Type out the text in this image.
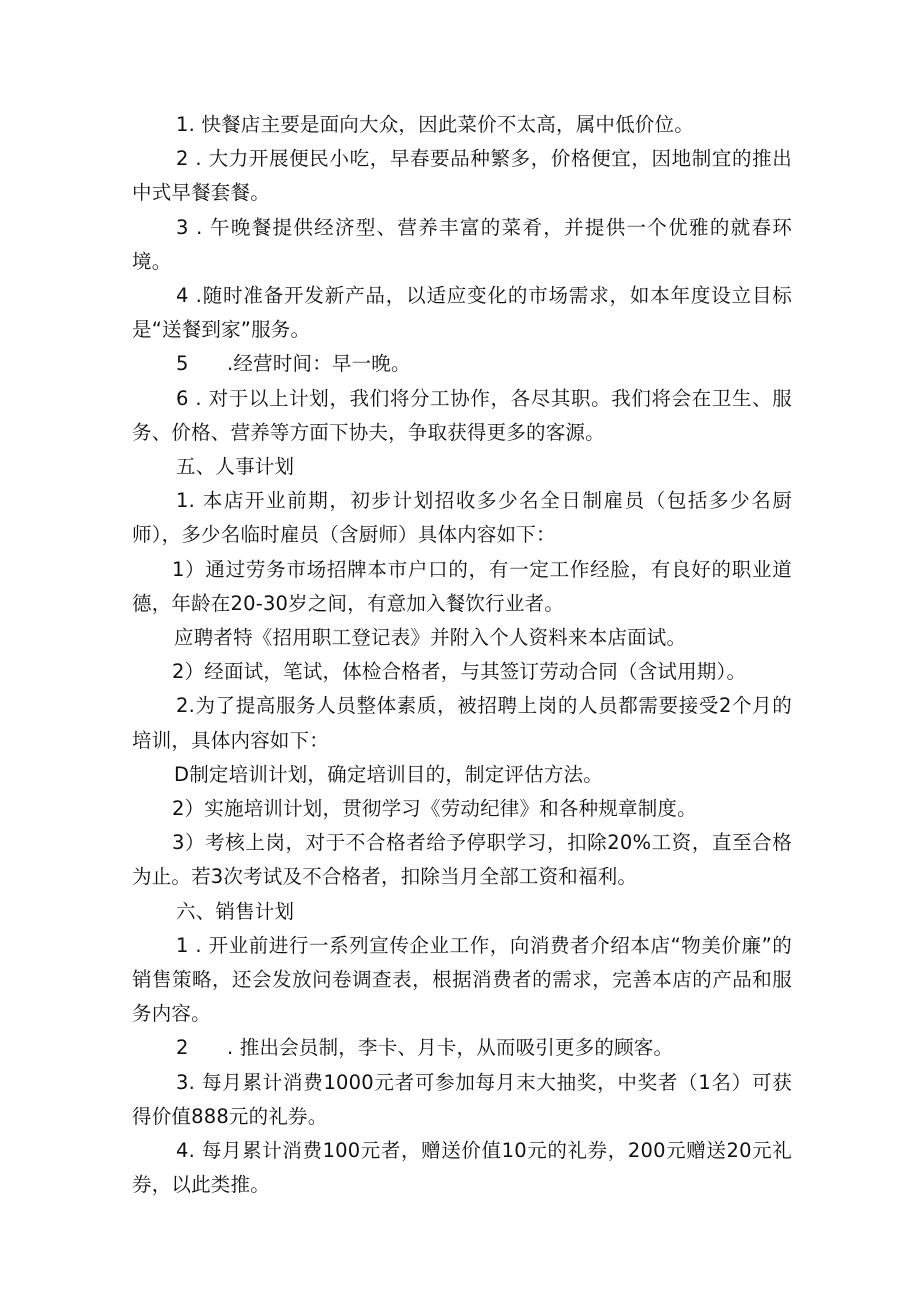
1. 快餐店主要是面向大众，因此菜价不太高，属中低价位。

2 . 大力开展便民小吃，早春要品种繁多，价格便宜，因地制宜的推出中式早餐套餐。

3 . 午晚餐提供经济型、营养丰富的菜肴，并提供一个优雅的就春环境。

4 .随时准备开发新产品，以适应变化的市场需求，如本年度设立目标是“送餐到家”服务。

5      .经营时间：早一晚。

6 . 对于以上计划，我们将分工协作，各尽其职。我们将会在卫生、服务、价格、营养等方面下协夫，争取获得更多的客源。

五、人事计划

1. 本店开业前期，初步计划招收多少名全日制雇员（包括多少名厨师），多少名临时雇员（含厨师）具体内容如下：

1）通过劳务市场招牌本市户口的，有一定工作经脸，有良好的职业道德，年龄在20-30岁之间，有意加入餐饮行业者。

应聘者特《招用职工登记表》并附入个人资料来本店面试。

2）经面试，笔试，体检合格者，与其签订劳动合同（含试用期）。

2.为了提高服务人员整体素质，被招聘上岗的人员都需要接受2个月的培训，具体内容如下：

D制定培训计划，确定培训目的，制定评估方法。

2）实施培训计划，贯彻学习《劳动纪律》和各种规章制度。

3）考核上岗，对于不合格者给予停职学习，扣除20%工资，直至合格为止。若3次考试及不合格者，扣除当月全部工资和福利。

六、销售计划

1 . 开业前进行一系列宣传企业工作，向消费者介绍本店“物美价廉”的销售策略，还会发放问卷调查表，根据消费者的需求，完善本店的产品和服务内容。

2      . 推出会员制，李卡、月卡，从而吸引更多的顾客。

3. 每月累计消费1000元者可参加每月末大抽奖，中奖者（1名）可获得价值888元的礼券。

4. 每月累计消费100元者，赠送价值10元的礼券，200元赠送20元礼券，以此类推。
